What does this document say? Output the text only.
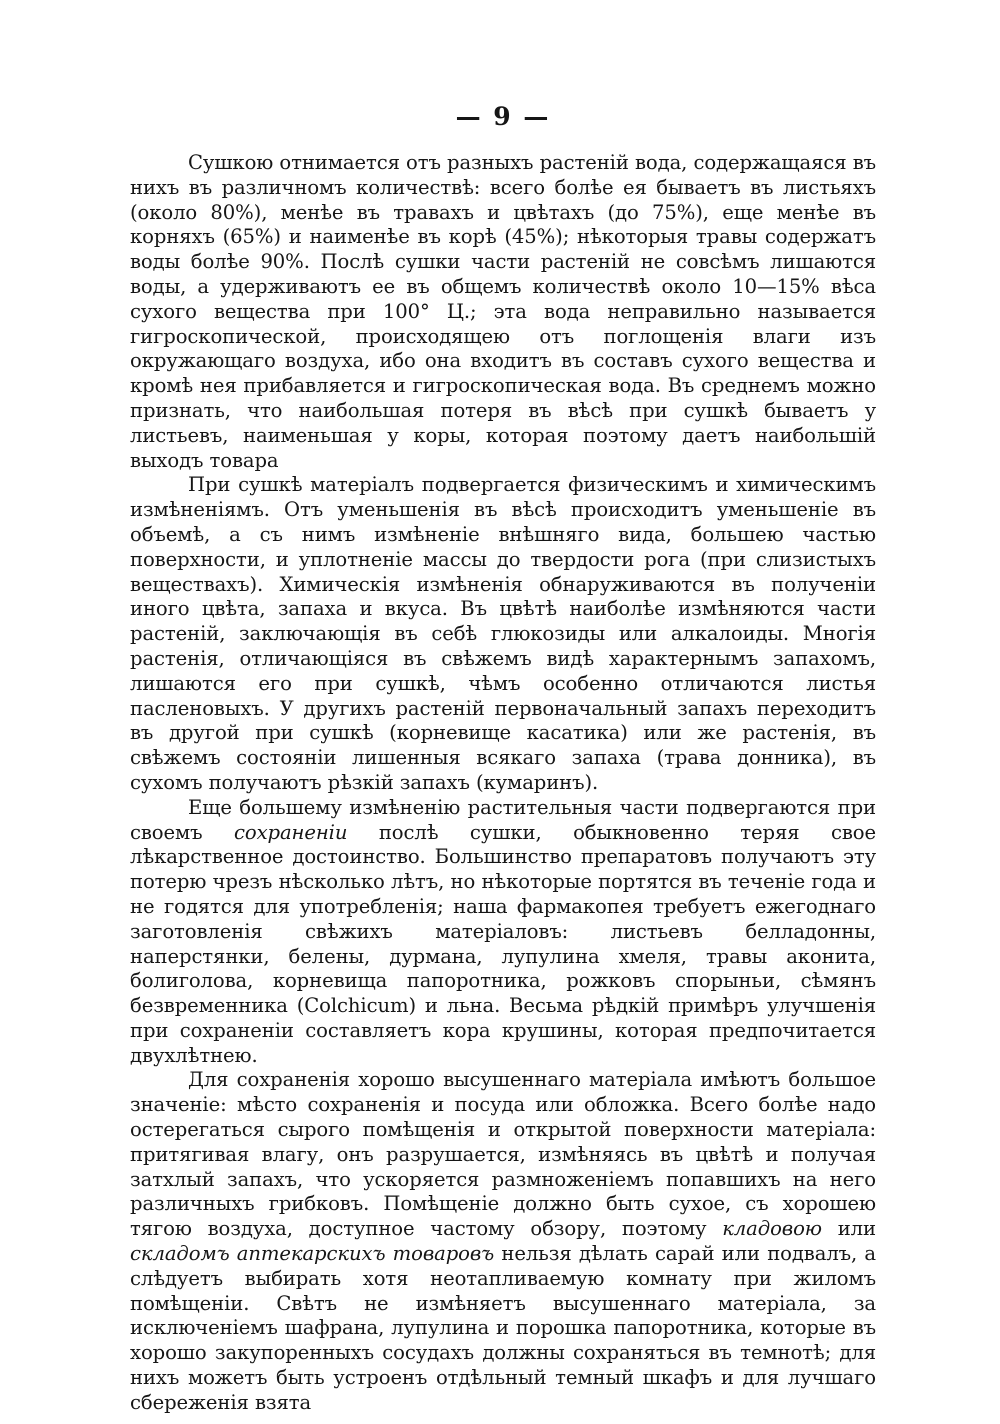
— 9 —

Сушкою отнимается отъ разныхъ растеній вода, содержащаяся въ нихъ въ различномъ количествѣ: всего болѣе ея бываетъ въ листьяхъ (около 80%), менѣе въ травахъ и цвѣтахъ (до 75%), еще менѣе въ корняхъ (65%) и наименѣе въ корѣ (45%); нѣкоторыя травы содержатъ воды болѣе 90%. Послѣ сушки части растеній не совсѣмъ лишаются воды, а удерживаютъ ее въ общемъ количествѣ около 10—15% вѣса сухого вещества при 100° Ц.; эта вода неправильно называется гигроскопической, происходящею отъ поглощенія влаги изъ окружающаго воздуха, ибо она входитъ въ составъ сухого вещества и кромѣ нея прибавляется и гигроскопическая вода. Въ среднемъ можно признать, что наибольшая потеря въ вѣсѣ при сушкѣ бываетъ у листьевъ, наименьшая у коры, которая поэтому даетъ наибольшій выходъ товара

При сушкѣ матеріалъ подвергается физическимъ и химическимъ измѣненіямъ. Отъ уменьшенія въ вѣсѣ происходитъ уменьшеніе въ объемѣ, а съ нимъ измѣненіе внѣшняго вида, большею частью поверхности, и уплотненіе массы до твердости рога (при слизистыхъ веществахъ). Химическія измѣненія обнаруживаются въ полученіи иного цвѣта, запаха и вкуса. Въ цвѣтѣ наиболѣе измѣняются части растеній, заключающія въ себѣ глюкозиды или алкалоиды. Многія растенія, отличающіяся въ свѣжемъ видѣ характернымъ запахомъ, лишаются его при сушкѣ, чѣмъ особенно отличаются листья пасленовыхъ. У другихъ растеній первоначальный запахъ переходитъ въ другой при сушкѣ (корневище касатика) или же растенія, въ свѣжемъ состояніи лишенныя всякаго запаха (трава донника), въ сухомъ получаютъ рѣзкій запахъ (кумаринъ).

Еще большему измѣненію растительныя части подвергаются при своемъ сохраненіи послѣ сушки, обыкновенно теряя свое лѣкарственное достоинство. Большинство препаратовъ получаютъ эту потерю чрезъ нѣсколько лѣтъ, но нѣкоторые портятся въ теченіе года и не годятся для употребленія; наша фармакопея требуетъ ежегоднаго заготовленія свѣжихъ матеріаловъ: листьевъ белладонны, наперстянки, белены, дурмана, лупулина хмеля, травы аконита, болиголова, корневища папоротника, рожковъ спорыньи, сѣмянъ безвременника (Colchicum) и льна. Весьма рѣдкій примѣръ улучшенія при сохраненіи составляетъ кора крушины, которая предпочитается двухлѣтнею.

Для сохраненія хорошо высушеннаго матеріала имѣютъ большое значеніе: мѣсто сохраненія и посуда или обложка. Всего болѣе надо остерегаться сырого помѣщенія и открытой поверхности матеріала: притягивая влагу, онъ разрушается, измѣняясь въ цвѣтѣ и получая затхлый запахъ, что ускоряется размноженіемъ попавшихъ на него различныхъ грибковъ. Помѣщеніе должно быть сухое, съ хорошею тягою воздуха, доступное частому обзору, поэтому кладовою или складомъ аптекарскихъ товаровъ нельзя дѣлать сарай или подвалъ, а слѣдуетъ выбирать хотя неотапливаемую комнату при жиломъ помѣщеніи. Свѣтъ не измѣняетъ высушеннаго матеріала, за исключеніемъ шафрана, лупулина и порошка папоротника, которые въ хорошо закупоренныхъ сосудахъ должны сохраняться въ темнотѣ; для нихъ можетъ быть устроенъ отдѣльный темный шкафъ и для лучшаго сбереженія взята
